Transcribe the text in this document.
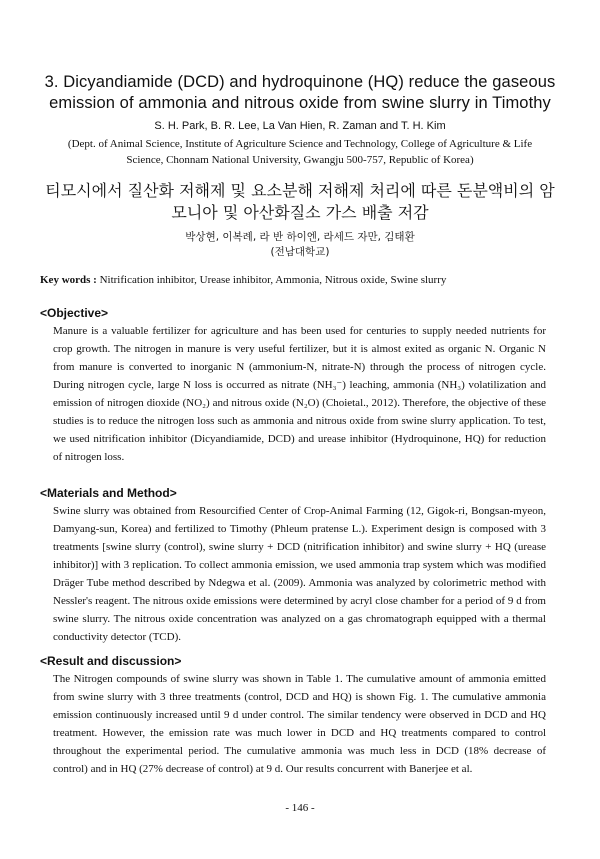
3. Dicyandiamide (DCD) and hydroquinone (HQ) reduce the gaseous emission of ammonia and nitrous oxide from swine slurry in Timothy
S. H. Park, B. R. Lee, La Van Hien, R. Zaman and T. H. Kim
(Dept. of Animal Science, Institute of Agriculture Science and Technology, College of Agriculture & Life Science, Chonnam National University, Gwangju 500-757, Republic of Korea)
티모시에서 질산화 저해제 및 요소분해 저해제 처리에 따른 돈분액비의 암모니아 및 아산화질소 가스 배출 저감
박상현, 이복례, 라 반 하이엔, 라세드 자만, 김태환
(전남대학교)
Key words : Nitrification inhibitor, Urease inhibitor, Ammonia, Nitrous oxide, Swine slurry
<Objective>
Manure is a valuable fertilizer for agriculture and has been used for centuries to supply needed nutrients for crop growth. The nitrogen in manure is very useful fertilizer, but it is almost exited as organic N. Organic N from manure is converted to inorganic N (ammonium-N, nitrate-N) through the process of nitrogen cycle. During nitrogen cycle, large N loss is occurred as nitrate (NH₃⁻) leaching, ammonia (NH₃) volatilization and emission of nitrogen dioxide (NO₂) and nitrous oxide (N₂O) (Choietal., 2012). Therefore, the objective of these studies is to reduce the nitrogen loss such as ammonia and nitrous oxide from swine slurry application. To test, we used nitrification inhibitor (Dicyandiamide, DCD) and urease inhibitor (Hydroquinone, HQ) for reduction of nitrogen loss.
<Materials and Method>
Swine slurry was obtained from Resourcified Center of Crop-Animal Farming (12, Gigok-ri, Bongsan-myeon, Damyang-sun, Korea) and fertilized to Timothy (Phleum pratense L.). Experiment design is composed with 3 treatments [swine slurry (control), swine slurry + DCD (nitrification inhibitor) and swine slurry + HQ (urease inhibitor)] with 3 replication. To collect ammonia emission, we used ammonia trap system which was modified Dräger Tube method described by Ndegwa et al. (2009). Ammonia was analyzed by colorimetric method with Nessler's reagent. The nitrous oxide emissions were determined by acryl close chamber for a period of 9 d from swine slurry. The nitrous oxide concentration was analyzed on a gas chromatograph equipped with a thermal conductivity detector (TCD).
<Result and discussion>
The Nitrogen compounds of swine slurry was shown in Table 1. The cumulative amount of ammonia emitted from swine slurry with 3 three treatments (control, DCD and HQ) is shown Fig. 1. The cumulative ammonia emission continuously increased until 9 d under control. The similar tendency were observed in DCD and HQ treatment. However, the emission rate was much lower in DCD and HQ treatments compared to control throughout the experimental period. The cumulative ammonia was much less in DCD (18% decrease of control) and in HQ (27% decrease of control) at 9 d. Our results concurrent with Banerjee et al.
- 146 -
